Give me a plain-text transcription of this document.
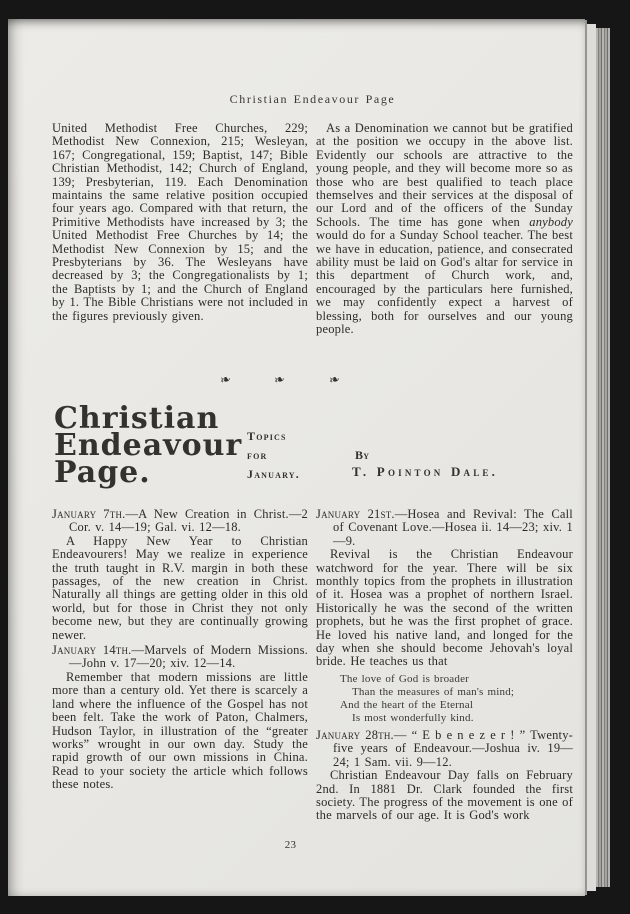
Christian Endeavour Page

United Methodist Free Churches, 229; Methodist New Connexion, 215; Wesleyan, 167; Congregational, 159; Baptist, 147; Bible Christian Methodist, 142; Church of England, 139; Presbyterian, 119. Each Denomination maintains the same relative position occupied four years ago. Compared with that return, the Primitive Methodists have increased by 3; the United Methodist Free Churches by 14; the Methodist New Connexion by 15; and the Presbyterians by 36. The Wesleyans have decreased by 3; the Congregationalists by 1; the Baptists by 1; and the Church of England by 1. The Bible Christians were not included in the figures previously given.

As a Denomination we cannot but be gratified at the position we occupy in the above list. Evidently our schools are attractive to the young people, and they will become more so as those who are best qualified to teach place themselves and their services at the disposal of our Lord and of the officers of the Sunday Schools. The time has gone when anybody would do for a Sunday School teacher. The best we have in education, patience, and consecrated ability must be laid on God's altar for service in this department of Church work, and, encouraged by the particulars here furnished, we may confidently expect a harvest of blessing, both for ourselves and our young people.

❧	❧	❧
Christian
Endeavour
Page.
Topics
for
January.
By
T. Pointon Dale.

January 7th.—A New Creation in Christ.—2 Cor. v. 14—19; Gal. vi. 12—18.

A Happy New Year to Christian Endeavourers! May we realize in experience the truth taught in R.V. margin in both these passages, of the new creation in Christ. Naturally all things are getting older in this old world, but for those in Christ they not only become new, but they are continually growing newer.

January 14th.—Marvels of Modern Missions.—John v. 17—20; xiv. 12—14.

Remember that modern missions are little more than a century old. Yet there is scarcely a land where the influence of the Gospel has not been felt. Take the work of Paton, Chalmers, Hudson Taylor, in illustration of the “greater works” wrought in our own day. Study the rapid growth of our own missions in China. Read to your society the article which follows these notes.

January 21st.—Hosea and Revival: The Call of Covenant Love.—Hosea ii. 14—23; xiv. 1—9.

Revival is the Christian Endeavour watchword for the year. There will be six monthly topics from the prophets in illustration of it. Hosea was a prophet of northern Israel. Historically he was the second of the written prophets, but he was the first prophet of grace. He loved his native land, and longed for the day when she should become Jehovah's loyal bride. He teaches us that

The love of God is broader

Than the measures of man's mind;

And the heart of the Eternal

Is most wonderfully kind.

January 28th.— “ E b e n e z e r ! ” Twenty-five years of Endeavour.—Joshua iv. 19—24; 1 Sam. vii. 9—12.

Christian Endeavour Day falls on February 2nd. In 1881 Dr. Clark founded the first society. The progress of the movement is one of the marvels of our age. It is God's work

23
